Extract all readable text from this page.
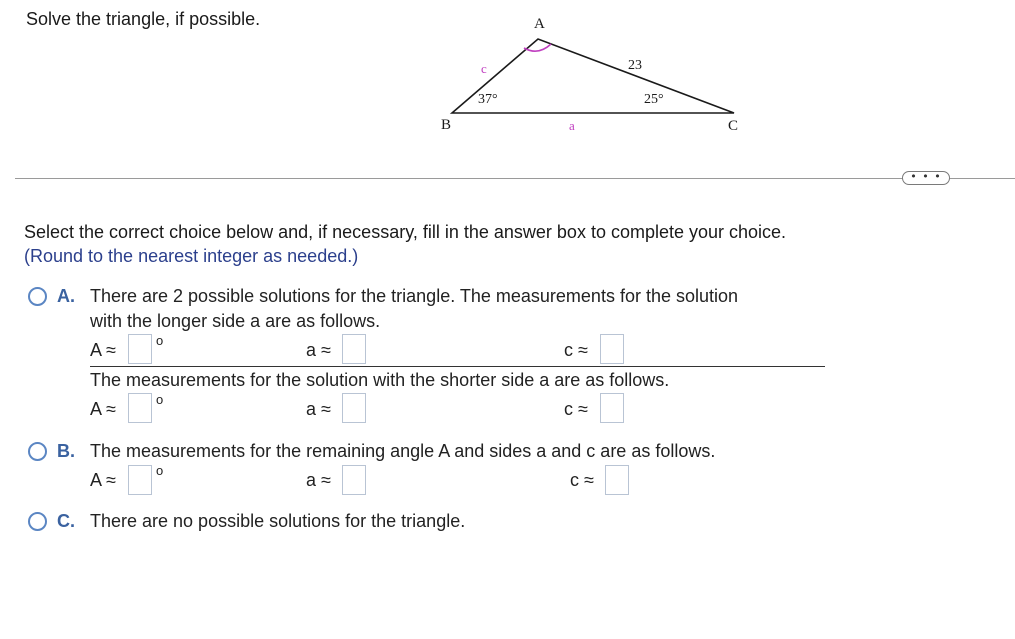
Solve the triangle, if possible.	A
B	C
c
a
23
37°	25°
• • •
Select the correct choice below and, if necessary, fill in the answer box to complete your choice.
(Round to the nearest integer as needed.)
A. There are 2 possible solutions for the triangle. The measurements for the solution
with the longer side a are as follows.
A ≈	o	a ≈	c ≈
The measurements for the solution with the shorter side a are as follows.
A ≈	o	a ≈	c ≈
B. The measurements for the remaining angle A and sides a and c are as follows.
A ≈	o	a ≈	c ≈
C. There are no possible solutions for the triangle.
